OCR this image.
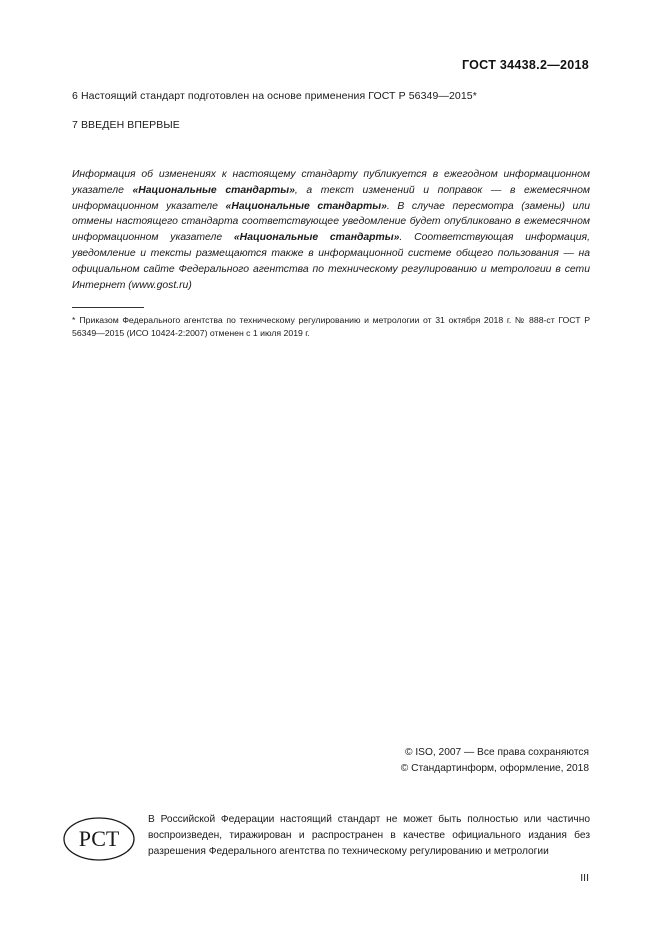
ГОСТ 34438.2—2018
6 Настоящий стандарт подготовлен на основе применения ГОСТ Р 56349—2015*
7 ВВЕДЕН ВПЕРВЫЕ
Информация об изменениях к настоящему стандарту публикуется в ежегодном информационном указателе «Национальные стандарты», а текст изменений и поправок — в ежемесячном информационном указателе «Национальные стандарты». В случае пересмотра (замены) или отмены настоящего стандарта соответствующее уведомление будет опубликовано в ежемесячном информационном указателе «Национальные стандарты». Соответствующая информация, уведомление и тексты размещаются также в информационной системе общего пользования — на официальном сайте Федерального агентства по техническому регулированию и метрологии в сети Интернет (www.gost.ru)
* Приказом Федерального агентства по техническому регулированию и метрологии от 31 октября 2018 г. № 888-ст ГОСТ Р 56349—2015 (ИСО 10424-2:2007) отменен с 1 июля 2019 г.
© ISO, 2007 — Все права сохраняются
© Стандартинформ, оформление, 2018
РСТ
В Российской Федерации настоящий стандарт не может быть полностью или частично воспроизведен, тиражирован и распространен в качестве официального издания без разрешения Федерального агентства по техническому регулированию и метрологии
III
